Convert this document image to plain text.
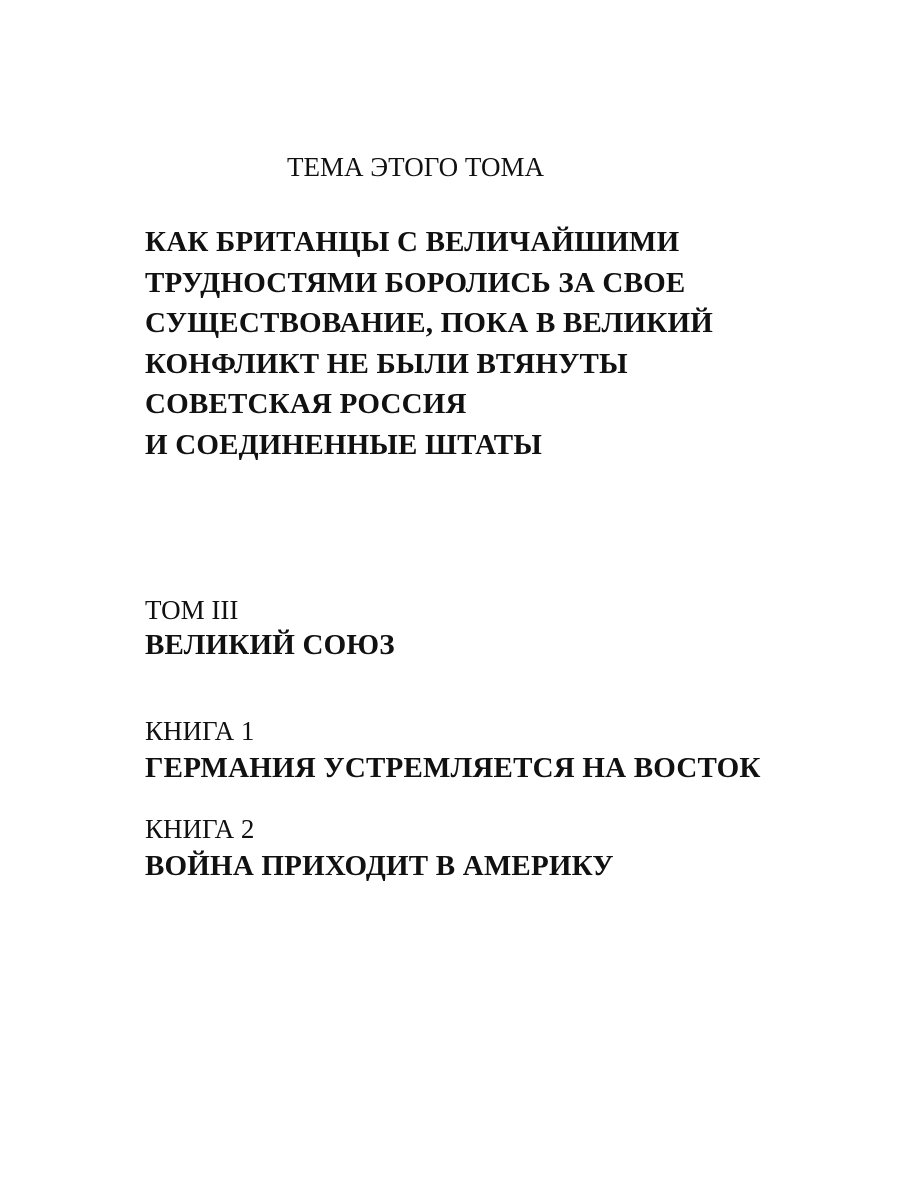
ТЕМА ЭТОГО ТОМА
КАК БРИТАНЦЫ С ВЕЛИЧАЙШИМИ
ТРУДНОСТЯМИ БОРОЛИСЬ ЗА СВОЕ
СУЩЕСТВОВАНИЕ, ПОКА В ВЕЛИКИЙ
КОНФЛИКТ НЕ БЫЛИ ВТЯНУТЫ
СОВЕТСКАЯ РОССИЯ
И СОЕДИНЕННЫЕ ШТАТЫ
ТОМ III
ВЕЛИКИЙ СОЮЗ
КНИГА 1
ГЕРМАНИЯ УСТРЕМЛЯЕТСЯ НА ВОСТОК
КНИГА 2
ВОЙНА ПРИХОДИТ В АМЕРИКУ
